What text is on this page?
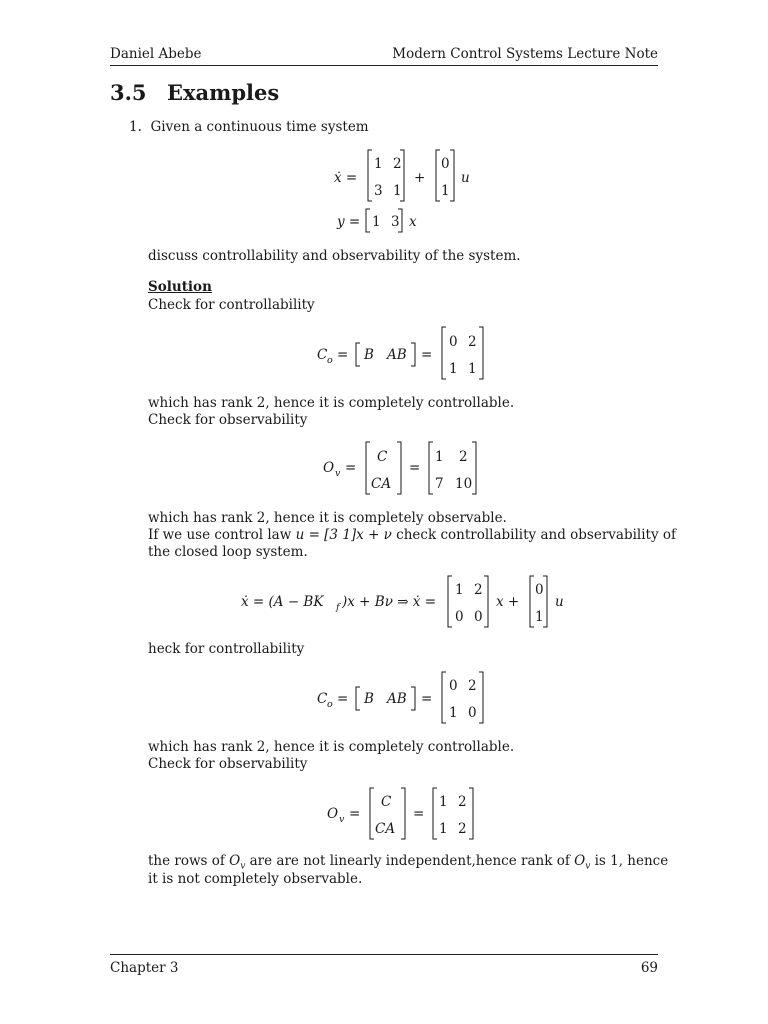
Daniel Abebe	Modern Control Systems Lecture Note
3.5 Examples
1. Given a continuous time system
ẋ =
1 2
3 1
+
0
1
u
y = 1 3 x
C o = B AB =
0 2
1 1
O v =
C
CA
=
1 2
7 10
ẋ = (A − BK f )x + Bν ⇒ ẋ =
1 2
0 0
x +
0
1
u
C o = B AB =
0 2
1 0
O v =
C
CA
=
1 2
1 2
discuss controllability and observability of the system.
Solution
Check for controllability
which has rank 2, hence it is completely controllable.
Check for observability
which has rank 2, hence it is completely observable.
If we use control law u = [3 1]x + ν check controllability and observability of
the closed loop system.
heck for controllability
which has rank 2, hence it is completely controllable.
Check for observability
the rows of $O_v$ are are not linearly independent,hence rank of $O_v$ is 1, hence
it is not completely observable.
Chapter 3	69
